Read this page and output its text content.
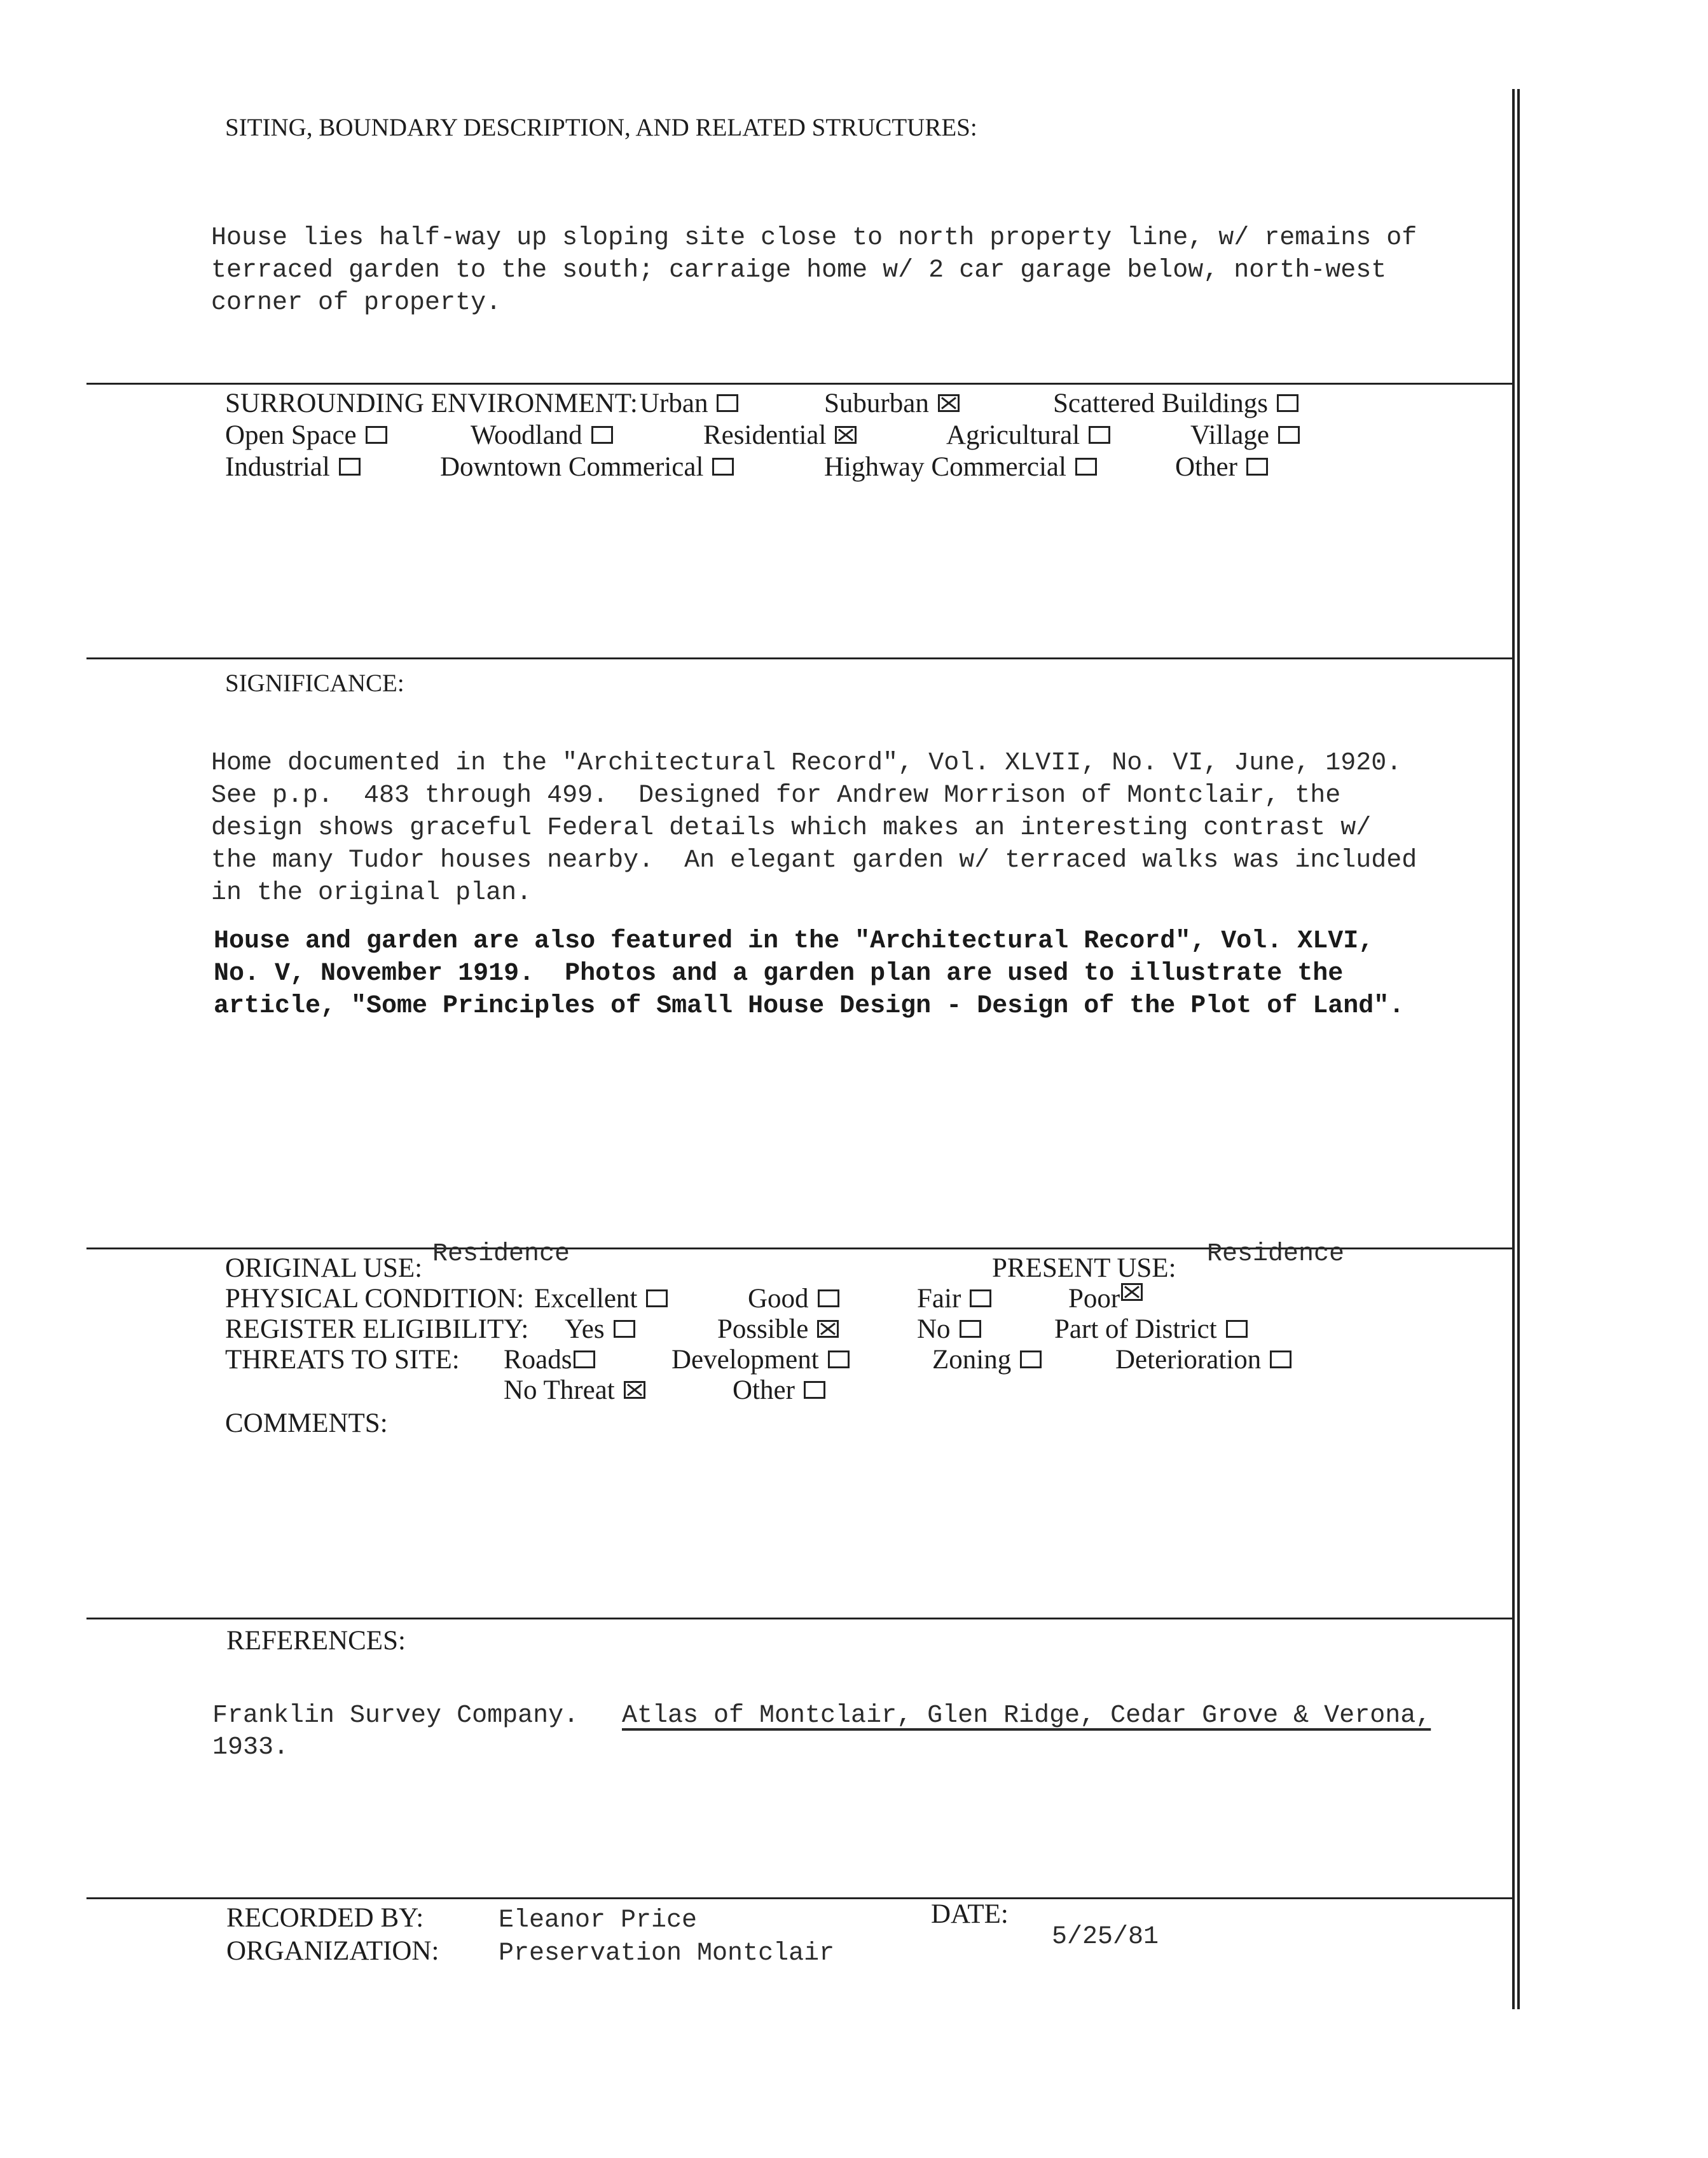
SITING, BOUNDARY DESCRIPTION, AND RELATED STRUCTURES:

House lies half-way up sloping site close to north property line, w/ remains of
terraced garden to the south; carraige home w/ 2 car garage below, north-west
corner of property.
SURROUNDING ENVIRONMENT: Urban	Suburban	Scattered Buildings
Open Space	Woodland	Residential	Agricultural	Village
Industrial	Downtown Commerical	Highway Commercial	Other
SIGNIFICANCE:

Home documented in the "Architectural Record", Vol. XLVII, No. VI, June, 1920.
See p.p.  483 through 499.  Designed for Andrew Morrison of Montclair, the
design shows graceful Federal details which makes an interesting contrast w/
the many Tudor houses nearby.  An elegant garden w/ terraced walks was included
in the original plan.

House and garden are also featured in the "Architectural Record", Vol. XLVI,
No. V, November 1919.  Photos and a garden plan are used to illustrate the
article, "Some Principles of Small House Design - Design of the Plot of Land".
ORIGINAL USE: Residence	PRESENT USE: Residence
PHYSICAL CONDITION: Excellent	Good	Fair	Poor
REGISTER ELIGIBILITY: Yes	Possible	No	Part of District
THREATS TO SITE: Roads	Development	Zoning	Deterioration
No Threat	Other
COMMENTS:
REFERENCES:
Franklin Survey Company. Atlas of Montclair, Glen Ridge, Cedar Grove & Verona,
1933.
RECORDED BY:	Eleanor Price
ORGANIZATION: Preservation Montclair
DATE:
5/25/81
